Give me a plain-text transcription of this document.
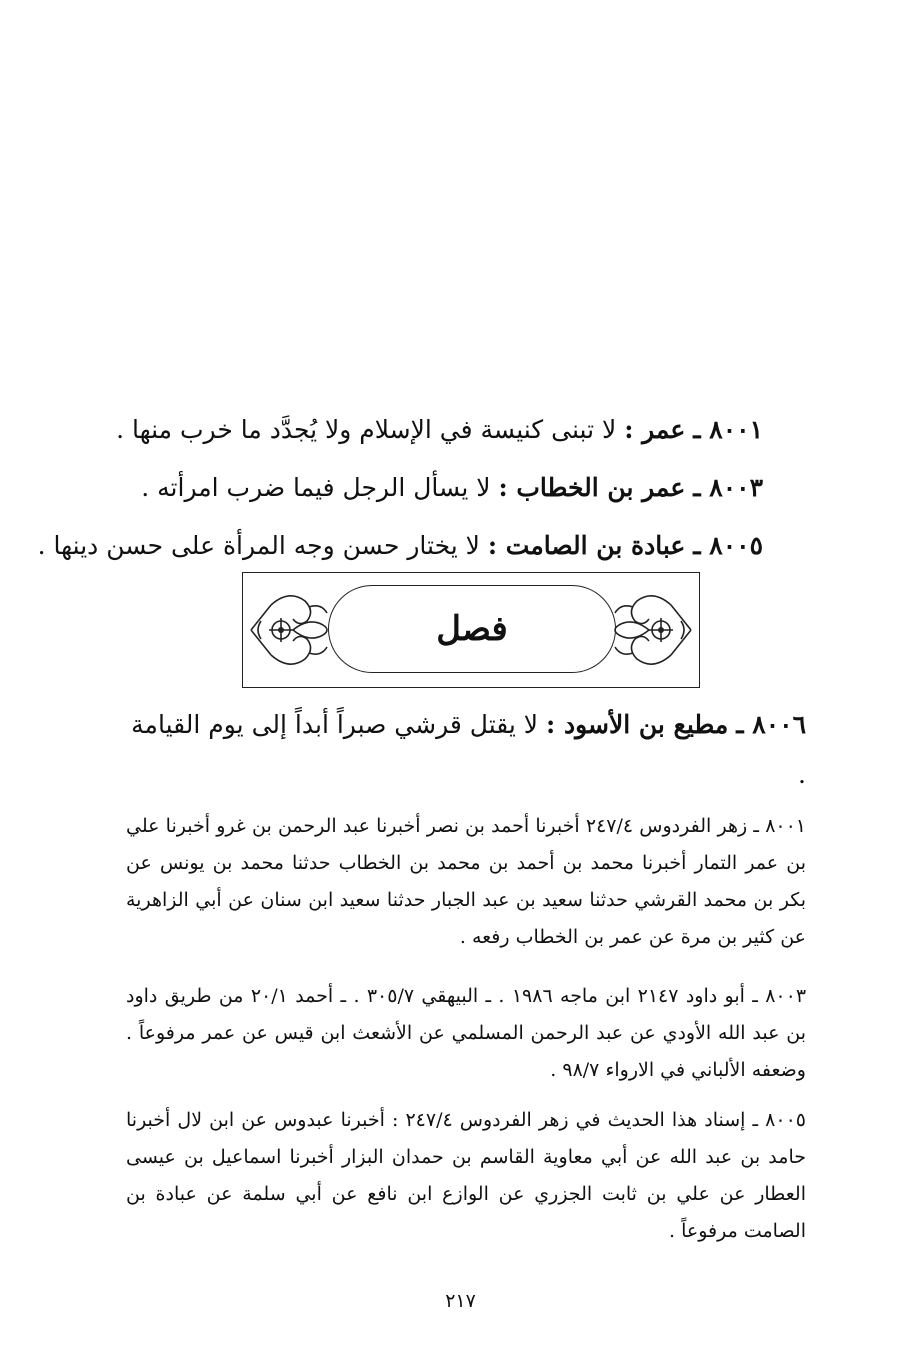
٨٠٠١ ـ عمر : لا تبنى كنيسة في الإسلام ولا يُجدَّد ما خرب منها .
٨٠٠٣ ـ عمر بن الخطاب : لا يسأل الرجل فيما ضرب امرأته .
٨٠٠٥ ـ عبادة بن الصامت : لا يختار حسن وجه المرأة على حسن دينها .
فصل
٨٠٠٦ ـ مطيع بن الأسود : لا يقتل قرشي صبراً أبداً إلى يوم القيامة .
٨٠٠١ ـ زهر الفردوس ٢٤٧/٤ أخبرنا أحمد بن نصر أخبرنا عبد الرحمن بن غرو أخبرنا علي بن عمر التمار أخبرنا محمد بن أحمد بن محمد بن الخطاب حدثنا محمد بن يونس عن بكر بن محمد القرشي حدثنا سعيد بن عبد الجبار حدثنا سعيد ابن سنان عن أبي الزاهرية عن كثير بن مرة عن عمر بن الخطاب رفعه .
٨٠٠٣ ـ أبو داود ٢١٤٧ ابن ماجه ١٩٨٦ . ـ البيهقي ٣٠٥/٧ . ـ أحمد ٢٠/١ من طريق داود بن عبد الله الأودي عن عبد الرحمن المسلمي عن الأشعث ابن قيس عن عمر مرفوعاً . وضعفه الألباني في الارواء ٩٨/٧ .
٨٠٠٥ ـ إسناد هذا الحديث في زهر الفردوس ٢٤٧/٤ : أخبرنا عبدوس عن ابن لال أخبرنا حامد بن عبد الله عن أبي معاوية القاسم بن حمدان البزار أخبرنا اسماعيل بن عيسى العطار عن علي بن ثابت الجزري عن الوازع ابن نافع عن أبي سلمة عن عبادة بن الصامت مرفوعاً .
٢١٧
